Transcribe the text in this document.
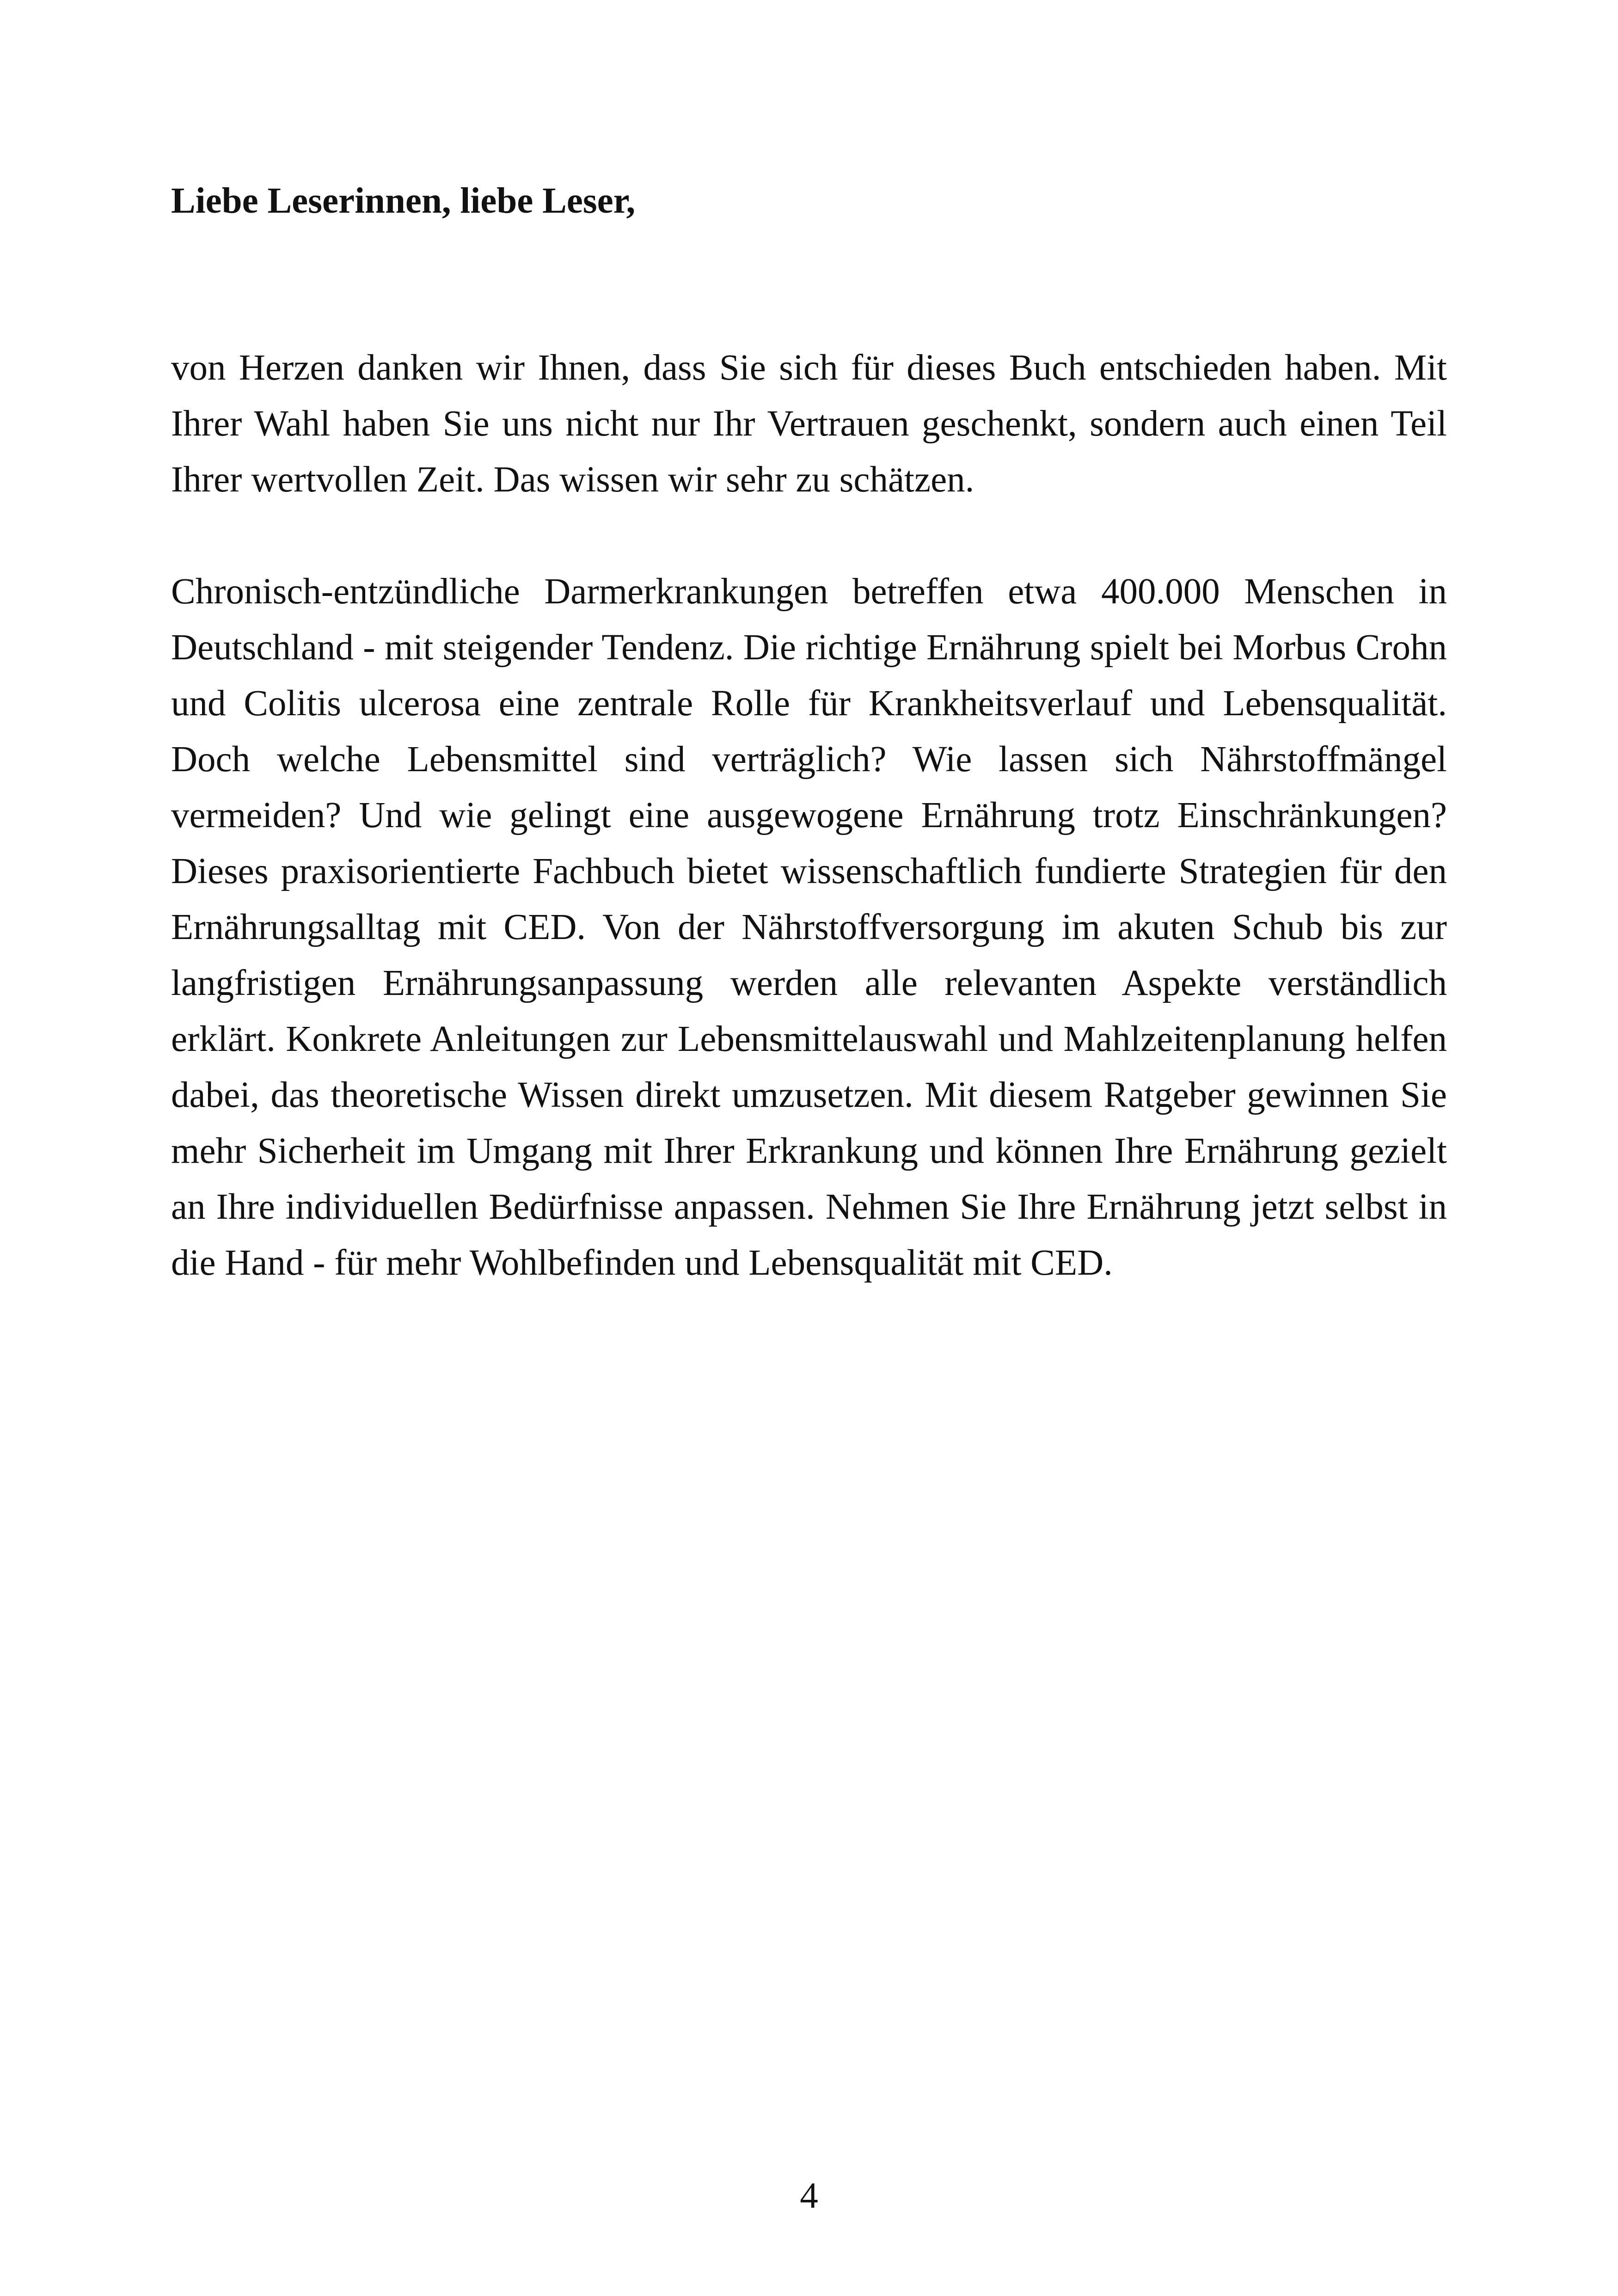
Liebe Leserinnen, liebe Leser,

von Herzen danken wir Ihnen, dass Sie sich für dieses Buch entschieden haben. Mit Ihrer Wahl haben Sie uns nicht nur Ihr Vertrauen geschenkt, sondern auch einen Teil Ihrer wertvollen Zeit. Das wissen wir sehr zu schätzen.

Chronisch-entzündliche Darmerkrankungen betreffen etwa 400.000 Menschen in Deutschland - mit steigender Tendenz. Die richtige Ernährung spielt bei Morbus Crohn und Colitis ulcerosa eine zentrale Rolle für Krankheitsverlauf und Lebensqualität. Doch welche Lebensmittel sind verträglich? Wie lassen sich Nährstoffmängel vermeiden? Und wie gelingt eine ausgewogene Ernährung trotz Einschränkungen? Dieses praxisorientierte Fachbuch bietet wissenschaftlich fundierte Strategien für den Ernährungsalltag mit CED. Von der Nährstoffversorgung im akuten Schub bis zur langfristigen Ernährungsanpassung werden alle relevanten Aspekte verständlich erklärt. Konkrete Anleitungen zur Lebensmittelauswahl und Mahlzeitenplanung helfen dabei, das theoretische Wissen direkt umzusetzen. Mit diesem Ratgeber gewinnen Sie mehr Sicherheit im Umgang mit Ihrer Erkrankung und können Ihre Ernährung gezielt an Ihre individuellen Bedürfnisse anpassen. Nehmen Sie Ihre Ernährung jetzt selbst in die Hand - für mehr Wohlbefinden und Lebensqualität mit CED.

4
